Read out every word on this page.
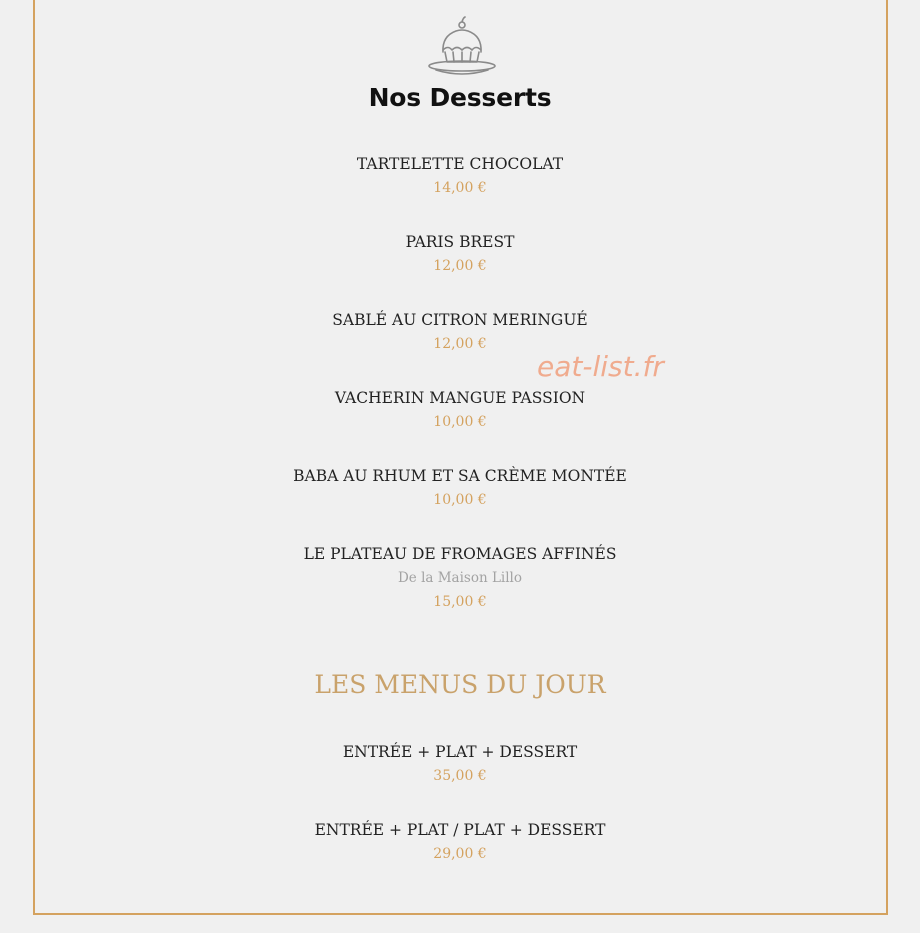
Nos Desserts
TARTELETTE CHOCOLAT
14,00 €
PARIS BREST
12,00 €
SABLÉ AU CITRON MERINGUÉ
12,00 €
VACHERIN MANGUE PASSION
10,00 €
BABA AU RHUM ET SA CRÈME MONTÉE
10,00 €
LE PLATEAU DE FROMAGES AFFINÉS
De la Maison Lillo
15,00 €
LES MENUS DU JOUR
ENTRÉE + PLAT + DESSERT
35,00 €
ENTRÉE + PLAT / PLAT + DESSERT
29,00 €
eat-list.fr
